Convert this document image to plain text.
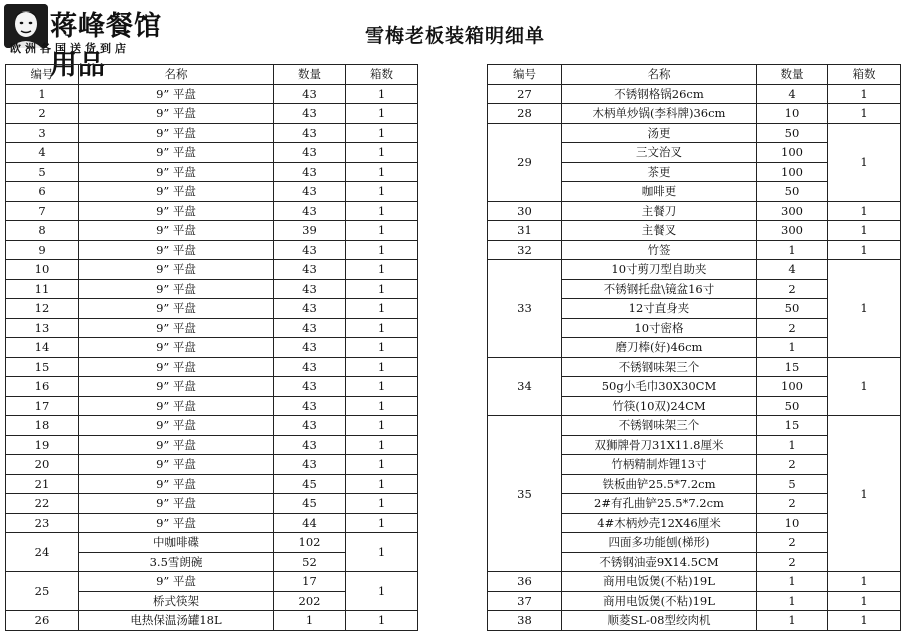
蒋峰餐馆用品
欧洲各国送货到店
雪梅老板装箱明细单
编号	名称	数量	箱数
1	9” 平盘	43	1
2	9” 平盘	43	1
3	9” 平盘	43	1
4	9” 平盘	43	1
5	9” 平盘	43	1
6	9” 平盘	43	1
7	9” 平盘	43	1
8	9” 平盘	39	1
9	9” 平盘	43	1
10	9” 平盘	43	1
11	9” 平盘	43	1
12	9” 平盘	43	1
13	9” 平盘	43	1
14	9” 平盘	43	1
15	9” 平盘	43	1
16	9” 平盘	43	1
17	9” 平盘	43	1
18	9” 平盘	43	1
19	9” 平盘	43	1
20	9” 平盘	43	1
21	9” 平盘	45	1
22	9” 平盘	45	1
23	9” 平盘	44	1
24	中咖啡碟	102	1
	3.5雪朗碗	52	
25	9” 平盘	17	1
	桥式筷架	202	
26	电热保温汤罐18L	1	1
编号	名称	数量	箱数
27	不锈钢格锅26cm	4	1
28	木柄单炒锅(李科牌)36cm	10	1
29	汤更	50	1
	三文治叉	100	
	茶更	100	
	咖啡更	50	
30	主餐刀	300	1
31	主餐叉	300	1
32	竹签	1	1
33	10寸剪刀型自助夹	4	1
	不锈钢托盘\镜盆16寸	2	
	12寸直身夹	50	
	10寸密格	2	
	磨刀棒(好)46cm	1	
34	不锈钢味架三个	15	1
	50g小毛巾30X30CM	100	
	竹筷(10双)24CM	50	
35	不锈钢味架三个	15	1
	双狮牌骨刀31X11.8厘米	1	
	竹柄精制炸锂13寸	2	
	铁板曲铲25.5*7.2cm	5	
	2#有孔曲铲25.5*7.2cm	2	
	4#木柄炒壳12X46厘米	10	
	四面多功能刨(梯形)	2	
	不锈钢油壶9X14.5CM	2	
36	商用电饭煲(不粘)19L	1	1
37	商用电饭煲(不粘)19L	1	1
38	顺菱SL-08型绞肉机	1	1
